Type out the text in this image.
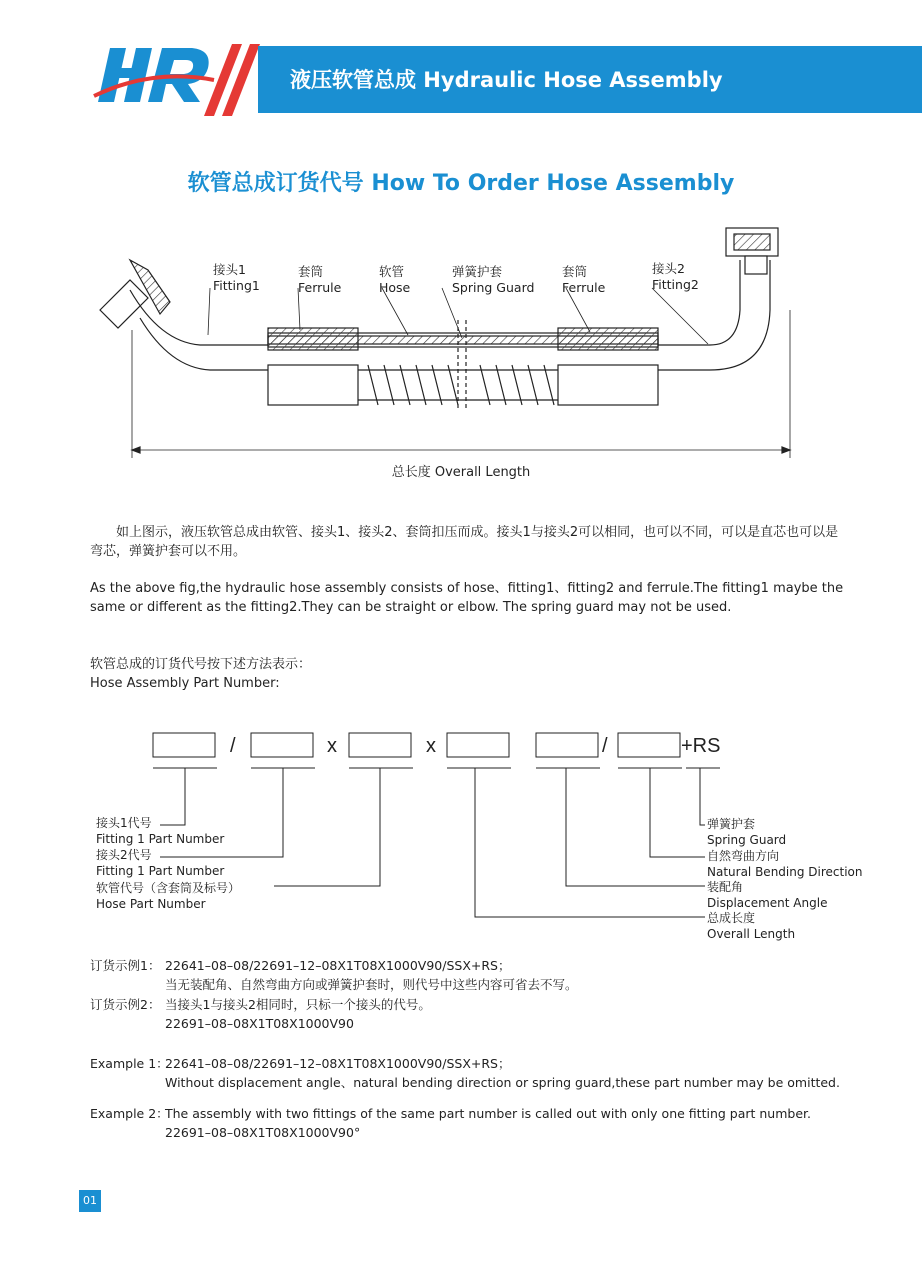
液压软管总成 Hydraulic Hose Assembly
软管总成订货代号 How To Order Hose Assembly
接头1
Fitting1
套筒
Ferrule
软管
Hose
弹簧护套
Spring Guard
套筒
Ferrule
接头2
Fitting2
总长度 Overall Length
如上图示，液压软管总成由软管、接头1、接头2、套筒扣压而成。接头1与接头2可以相同，也可以不同，可以是直芯也可以是弯芯，弹簧护套可以不用。
As the above fig,the hydraulic hose assembly consists of hose、fitting1、fitting2 and ferrule.The fitting1 maybe the same or different as the fitting2.They can be straight or elbow. The spring guard may not be used.
软管总成的订货代号按下述方法表示：
Hose Assembly Part Number:
/	x	x	/	+RS
接头1代号
Fitting 1 Part Number
接头2代号
Fitting 1 Part Number
软管代号（含套筒及标号）
Hose Part Number
弹簧护套
Spring Guard
自然弯曲方向
Natural Bending Direction
装配角
Displacement Angle
总成长度
Overall Length
订货示例1： 22641–08–08/22691–12–08X1T08X1000V90/SSX+RS；
当无装配角、自然弯曲方向或弹簧护套时，则代号中这些内容可省去不写。
订货示例2： 当接头1与接头2相同时，只标一个接头的代号。
22691–08–08X1T08X1000V90
Example 1：22641–08–08/22691–12–08X1T08X1000V90/SSX+RS；
Without displacement angle、natural bending direction or spring guard,these part number may be omitted.
Example 2：The assembly with two fittings of the same part number is called out with only one fitting part number.
22691–08–08X1T08X1000V90°
01
